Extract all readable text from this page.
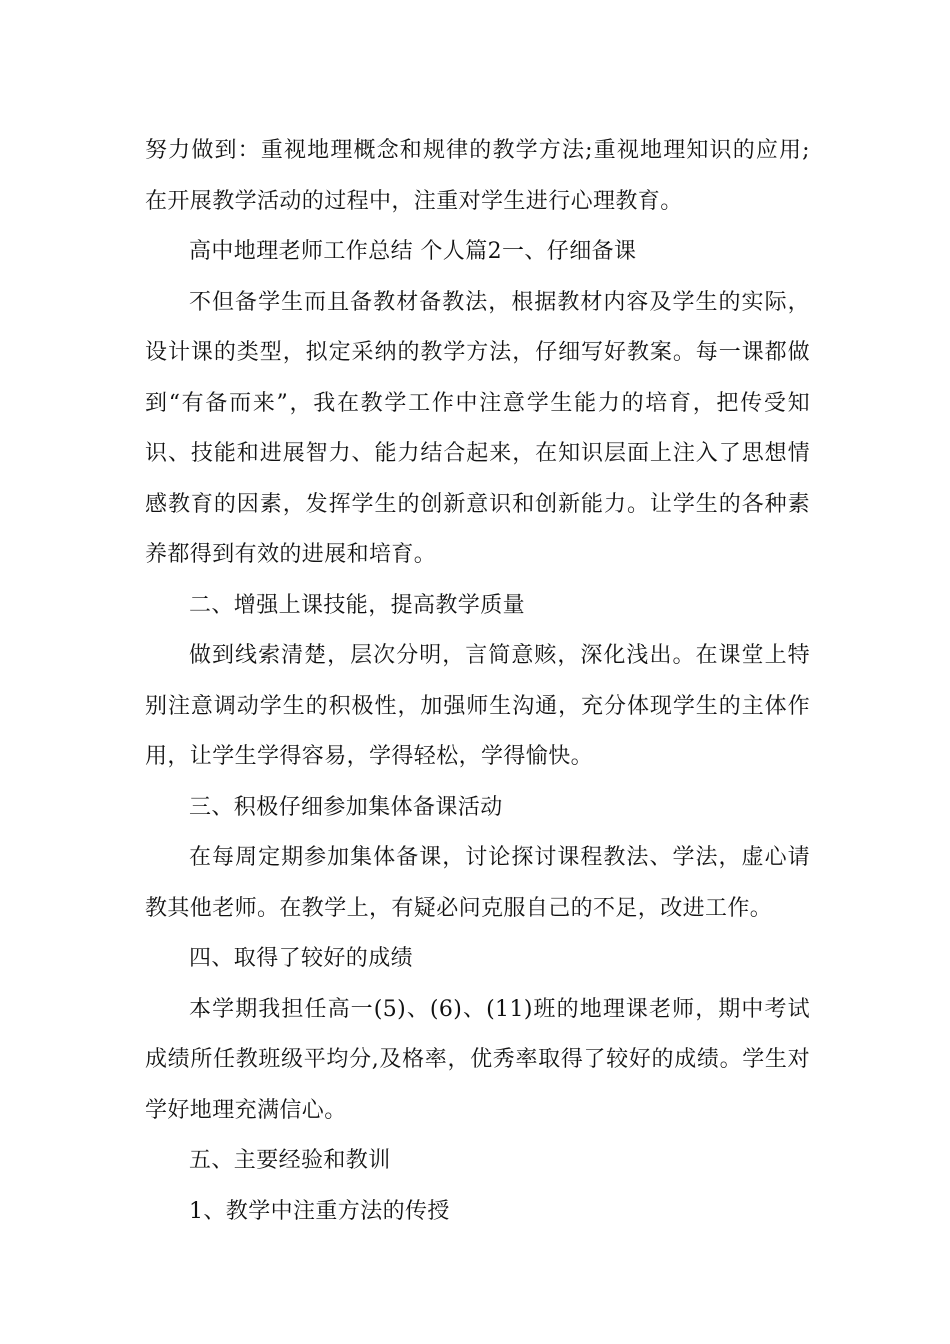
努力做到：重视地理概念和规律的教学方法;重视地理知识的应用;在开展教学活动的过程中，注重对学生进行心理教育。

高中地理老师工作总结 个人篇2一、仔细备课

不但备学生而且备教材备教法，根据教材内容及学生的实际，设计课的类型，拟定采纳的教学方法，仔细写好教案。每一课都做到“有备而来”，我在教学工作中注意学生能力的培育，把传受知识、技能和进展智力、能力结合起来，在知识层面上注入了思想情感教育的因素，发挥学生的创新意识和创新能力。让学生的各种素养都得到有效的进展和培育。

二、增强上课技能，提高教学质量

做到线索清楚，层次分明，言简意赅，深化浅出。在课堂上特别注意调动学生的积极性，加强师生沟通，充分体现学生的主体作用，让学生学得容易，学得轻松，学得愉快。

三、积极仔细参加集体备课活动

在每周定期参加集体备课，讨论探讨课程教法、学法，虚心请教其他老师。在教学上，有疑必问克服自己的不足，改进工作。

四、取得了较好的成绩

本学期我担任高一(5)、(6)、(11)班的地理课老师，期中考试成绩所任教班级平均分,及格率，优秀率取得了较好的成绩。学生对学好地理充满信心。

五、主要经验和教训

1、教学中注重方法的传授
